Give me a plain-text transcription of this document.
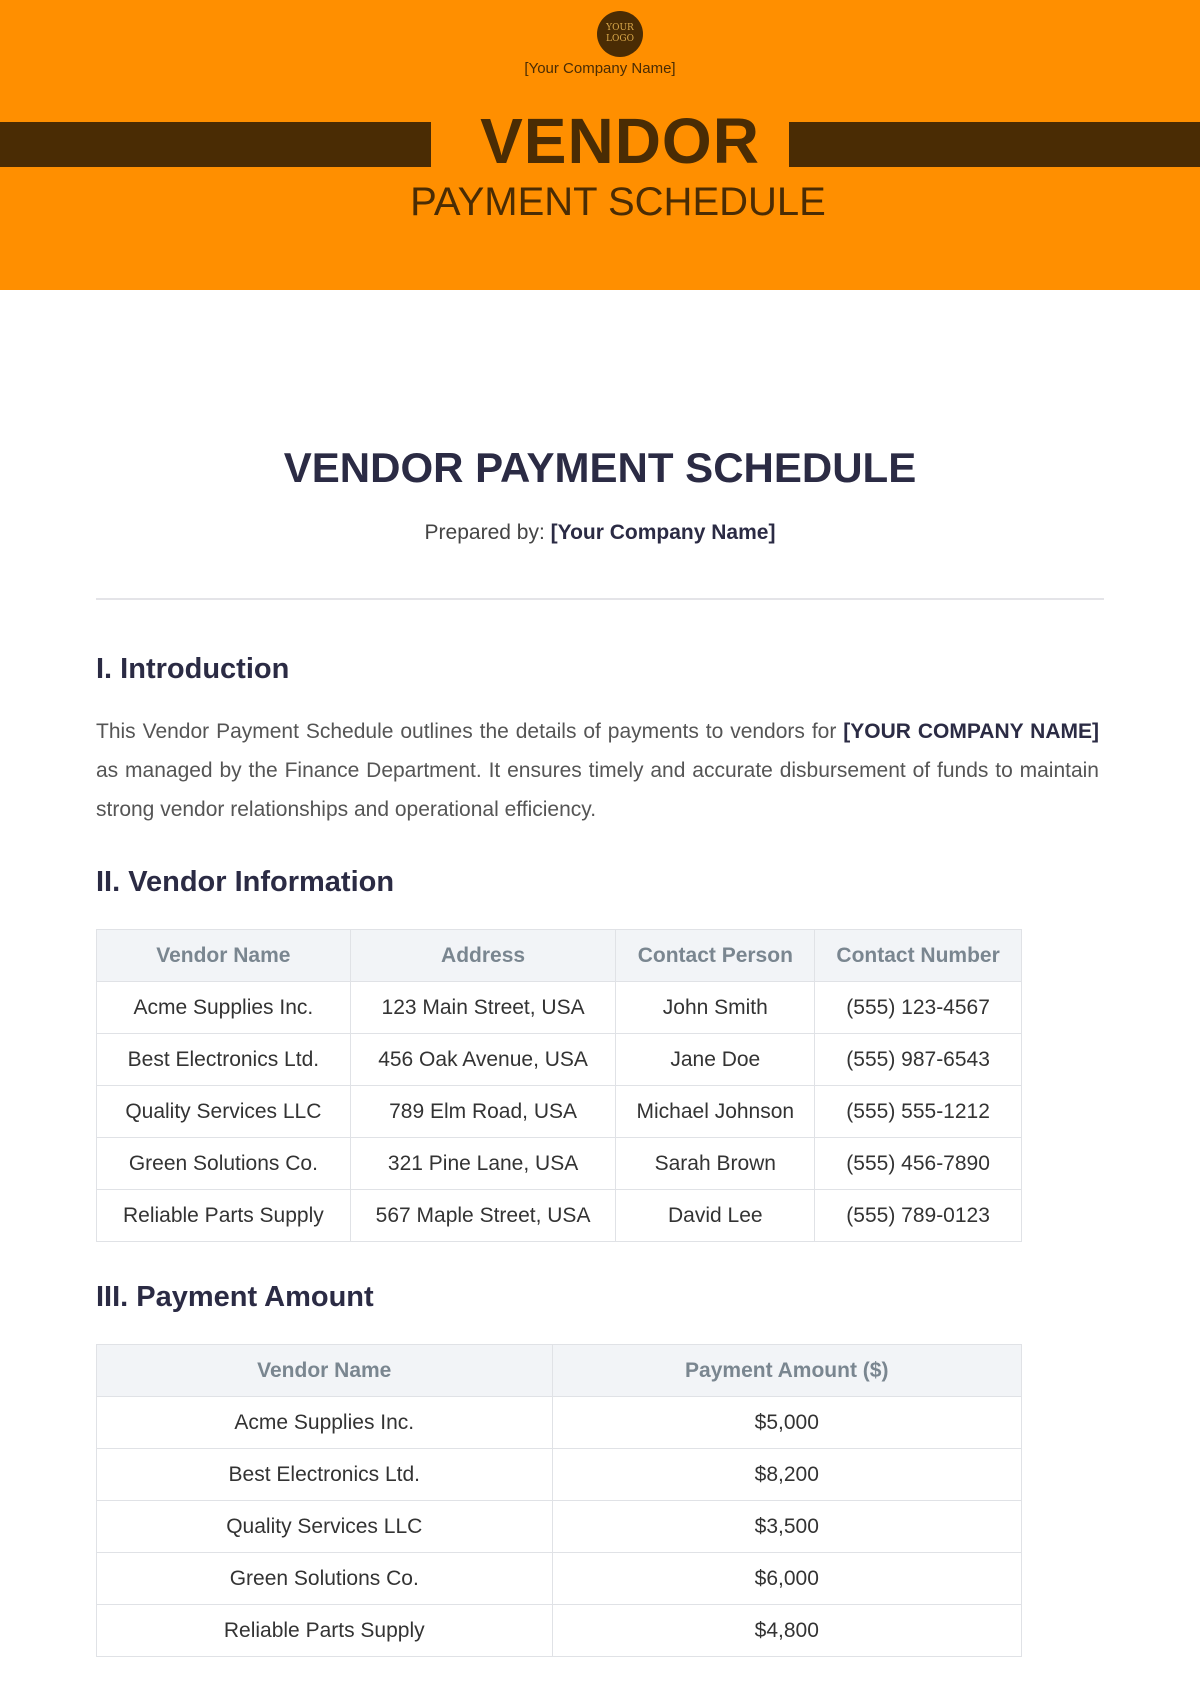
YOUR
LOGO
[Your Company Name]
VENDOR
PAYMENT SCHEDULE
VENDOR PAYMENT SCHEDULE
Prepared by: [Your Company Name]
I. Introduction

This Vendor Payment Schedule outlines the details of payments to vendors for [YOUR COMPANY NAME] as managed by the Finance Department. It ensures timely and accurate disbursement of funds to maintain strong vendor relationships and operational efficiency.

II. Vendor Information
Vendor Name	Address	Contact Person	Contact Number
Acme Supplies Inc.	123 Main Street, USA	John Smith	(555) 123-4567
Best Electronics Ltd.	456 Oak Avenue, USA	Jane Doe	(555) 987-6543
Quality Services LLC	789 Elm Road, USA	Michael Johnson	(555) 555-1212
Green Solutions Co.	321 Pine Lane, USA	Sarah Brown	(555) 456-7890
Reliable Parts Supply	567 Maple Street, USA	David Lee	(555) 789-0123
III. Payment Amount
Vendor Name	Payment Amount ($)
Acme Supplies Inc.	$5,000
Best Electronics Ltd.	$8,200
Quality Services LLC	$3,500
Green Solutions Co.	$6,000
Reliable Parts Supply	$4,800
